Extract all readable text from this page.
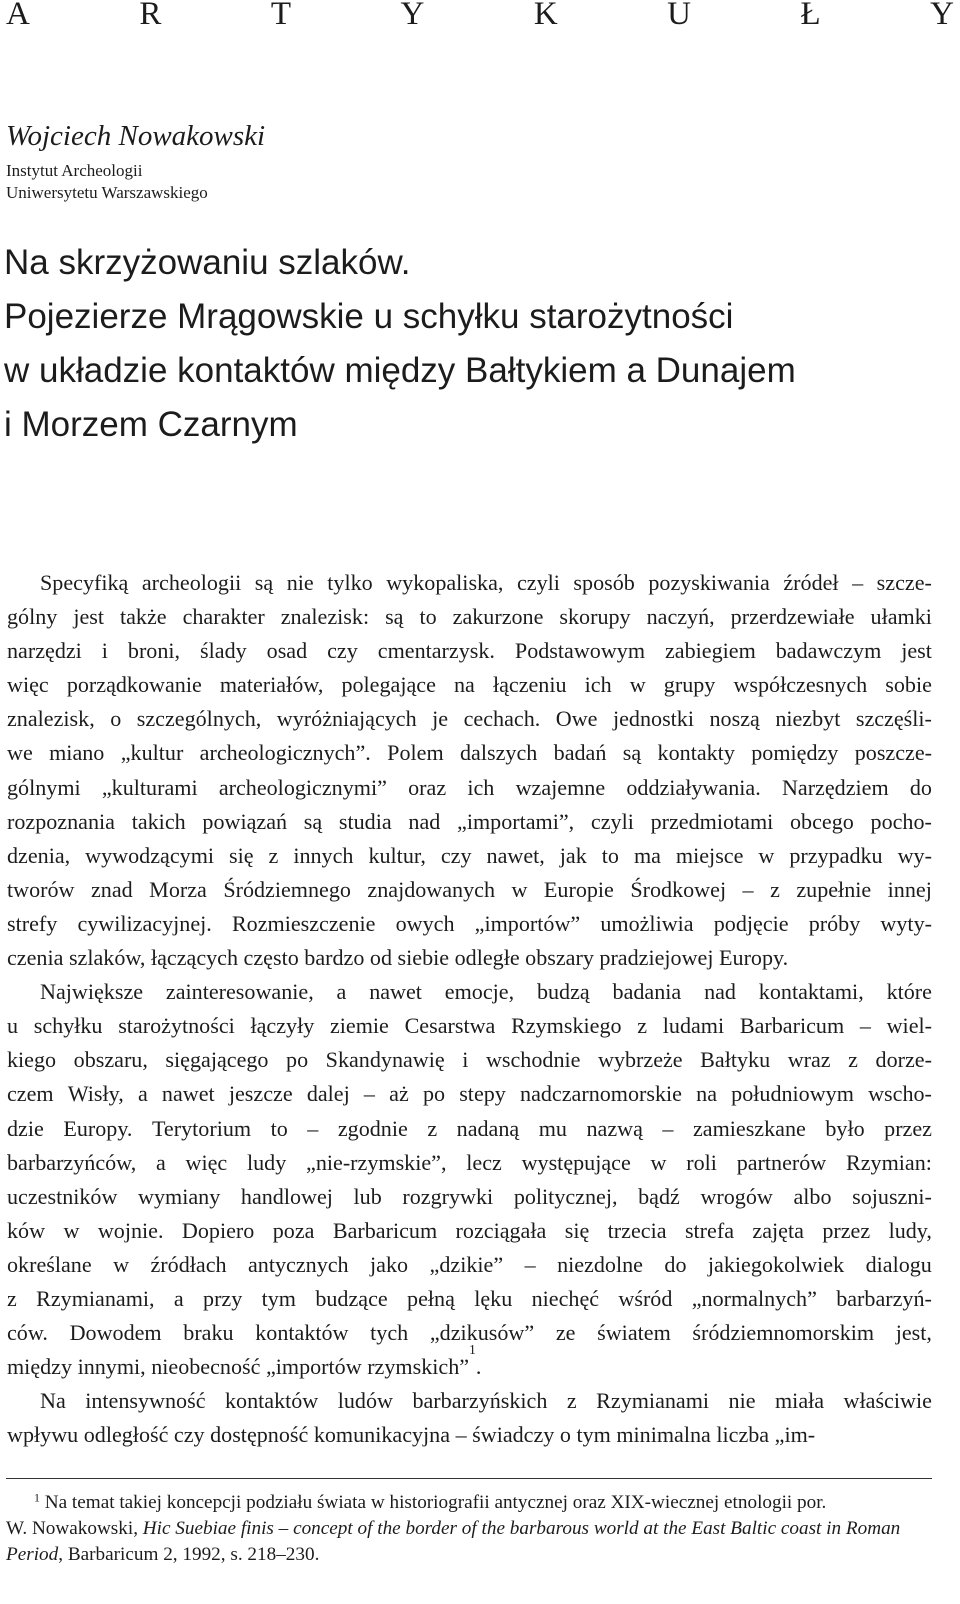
A	R	T	Y	K	U	Ł	Y
Wojciech Nowakowski
Instytut Archeologii
Uniwersytetu Warszawskiego
Na skrzyżowaniu szlaków.
Pojezierze Mrągowskie u schyłku starożytności
w układzie kontaktów między Bałtykiem a Dunajem
i Morzem Czarnym
Specyfiką archeologii są nie tylko wykopaliska, czyli sposób pozyskiwania źródeł – szcze-
gólny jest także charakter znalezisk: są to zakurzone skorupy naczyń, przerdzewiałe ułamki
narzędzi i broni, ślady osad czy cmentarzysk. Podstawowym zabiegiem badawczym jest
więc porządkowanie materiałów, polegające na łączeniu ich w grupy współczesnych sobie
znalezisk, o szczególnych, wyróżniających je cechach. Owe jednostki noszą niezbyt szczęśli-
we miano „kultur archeologicznych”. Polem dalszych badań są kontakty pomiędzy poszcze-
gólnymi „kulturami archeologicznymi” oraz ich wzajemne oddziaływania. Narzędziem do
rozpoznania takich powiązań są studia nad „importami”, czyli przedmiotami obcego pocho-
dzenia, wywodzącymi się z innych kultur, czy nawet, jak to ma miejsce w przypadku wy-
tworów znad Morza Śródziemnego znajdowanych w Europie Środkowej – z zupełnie innej
strefy cywilizacyjnej. Rozmieszczenie owych „importów” umożliwia podjęcie próby wyty-
czenia szlaków, łączących często bardzo od siebie odległe obszary pradziejowej Europy.
Największe zainteresowanie, a nawet emocje, budzą badania nad kontaktami, które
u schyłku starożytności łączyły ziemie Cesarstwa Rzymskiego z ludami Barbaricum – wiel-
kiego obszaru, sięgającego po Skandynawię i wschodnie wybrzeże Bałtyku wraz z dorze-
czem Wisły, a nawet jeszcze dalej – aż po stepy nadczarnomorskie na południowym wscho-
dzie Europy. Terytorium to – zgodnie z nadaną mu nazwą – zamieszkane było przez
barbarzyńców, a więc ludy „nie-rzymskie”, lecz występujące w roli partnerów Rzymian:
uczestników wymiany handlowej lub rozgrywki politycznej, bądź wrogów albo sojuszni-
ków w wojnie. Dopiero poza Barbaricum rozciągała się trzecia strefa zajęta przez ludy,
określane w źródłach antycznych jako „dzikie” – niezdolne do jakiegokolwiek dialogu
z Rzymianami, a przy tym budzące pełną lęku niechęć wśród „normalnych” barbarzyń-
ców. Dowodem braku kontaktów tych „dzikusów” ze światem śródziemnomorskim jest,
między innymi, nieobecność „importów rzymskich”
1
.
Na intensywność kontaktów ludów barbarzyńskich z Rzymianami nie miała właściwie
wpływu odległość czy dostępność komunikacyjna – świadczy o tym minimalna liczba „im-
$^1$ Na temat takiej koncepcji podziału świata w historiografii antycznej oraz XIX-wiecznej etnologii por.
W. Nowakowski, Hic Suebiae finis – concept of the border of the barbarous world at the East Baltic coast in Roman
Period, Barbaricum 2, 1992, s. 218–230.
